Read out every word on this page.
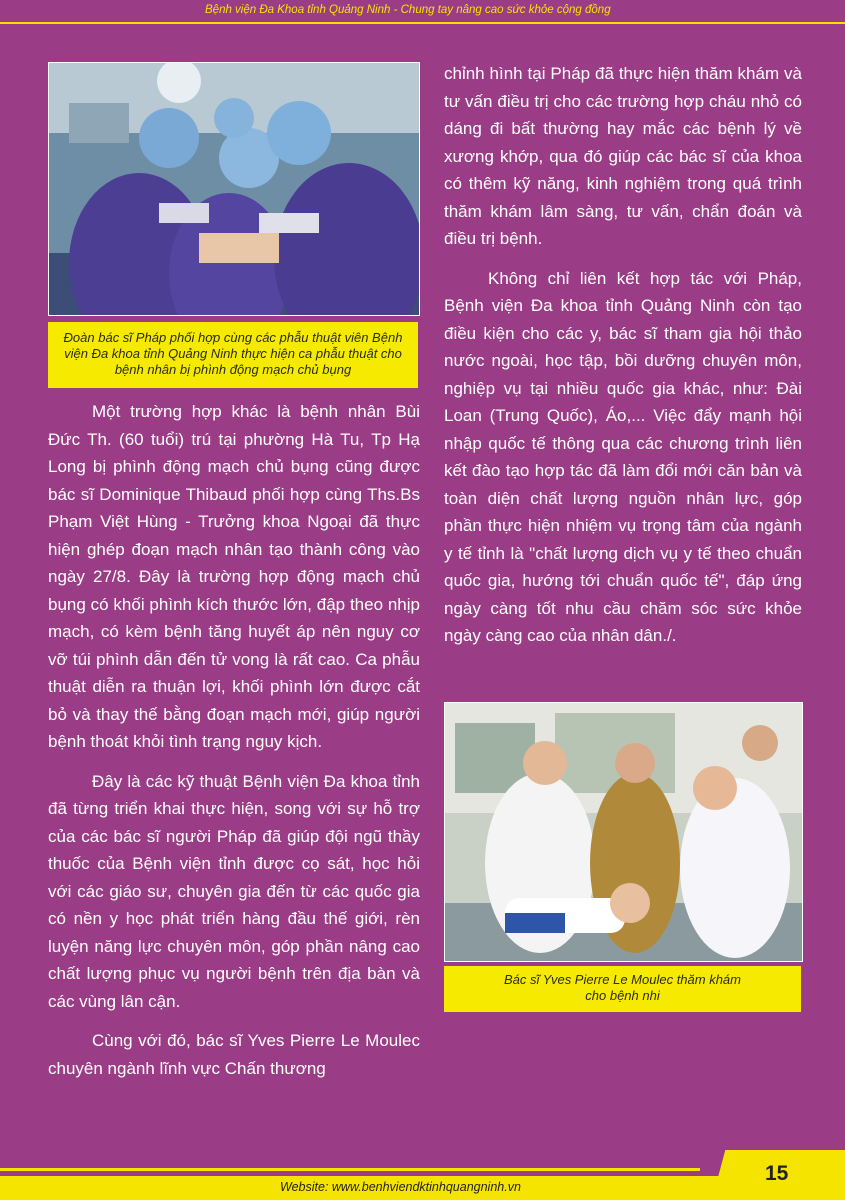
Bệnh viện Đa Khoa tỉnh Quảng Ninh - Chung tay nâng cao sức khỏe cộng đồng
Đoàn bác sĩ Pháp phối hợp cùng các phẫu thuật viên Bệnh viện Đa khoa tỉnh Quảng Ninh thực hiện ca phẫu thuật cho bệnh nhân bị phình động mạch chủ bụng

Một trường hợp khác là bệnh nhân Bùi Đức Th. (60 tuổi) trú tại phường Hà Tu, Tp Hạ Long bị phình động mạch chủ bụng cũng được bác sĩ Dominique Thibaud phối hợp cùng Ths.Bs Phạm Việt Hùng - Trưởng khoa Ngoại đã thực hiện ghép đoạn mạch nhân tạo thành công vào ngày 27/8. Đây là trường hợp động mạch chủ bụng có khối phình kích thước lớn, đập theo nhịp mạch, có kèm bệnh tăng huyết áp nên nguy cơ vỡ túi phình dẫn đến tử vong là rất cao. Ca phẫu thuật diễn ra thuận lợi, khối phình lớn được cắt bỏ và thay thế bằng đoạn mạch mới, giúp người bệnh thoát khỏi tình trạng nguy kịch.

Đây là các kỹ thuật Bệnh viện Đa khoa tỉnh đã từng triển khai thực hiện, song với sự hỗ trợ của các bác sĩ người Pháp đã giúp đội ngũ thầy thuốc của Bệnh viện tỉnh được cọ sát, học hỏi với các giáo sư, chuyên gia đến từ các quốc gia có nền y học phát triển hàng đầu thế giới, rèn luyện năng lực chuyên môn, góp phần nâng cao chất lượng phục vụ người bệnh trên địa bàn và các vùng lân cận.

Cùng với đó, bác sĩ Yves Pierre Le Moulec chuyên ngành lĩnh vực Chấn thương

chỉnh hình tại Pháp đã thực hiện thăm khám và tư vấn điều trị cho các trường hợp cháu nhỏ có dáng đi bất thường hay mắc các bệnh lý về xương khớp, qua đó giúp các bác sĩ của khoa có thêm kỹ năng, kinh nghiệm trong quá trình thăm khám lâm sàng, tư vấn, chẩn đoán và điều trị bệnh.

Không chỉ liên kết hợp tác với Pháp, Bệnh viện Đa khoa tỉnh Quảng Ninh còn tạo điều kiện cho các y, bác sĩ tham gia hội thảo nước ngoài, học tập, bồi dưỡng chuyên môn, nghiệp vụ tại nhiều quốc gia khác, như: Đài Loan (Trung Quốc), Áo,... Việc đẩy mạnh hội nhập quốc tế thông qua các chương trình liên kết đào tạo hợp tác đã làm đổi mới căn bản và toàn diện chất lượng nguồn nhân lực, góp phần thực hiện nhiệm vụ trọng tâm của ngành y tế tỉnh là "chất lượng dịch vụ y tế theo chuẩn quốc gia, hướng tới chuẩn quốc tế", đáp ứng ngày càng tốt nhu cầu chăm sóc sức khỏe ngày càng cao của nhân dân./.

Bác sĩ Yves Pierre Le Moulec thăm khám
cho bệnh nhi
15
Website: www.benhviendktinhquangninh.vn
